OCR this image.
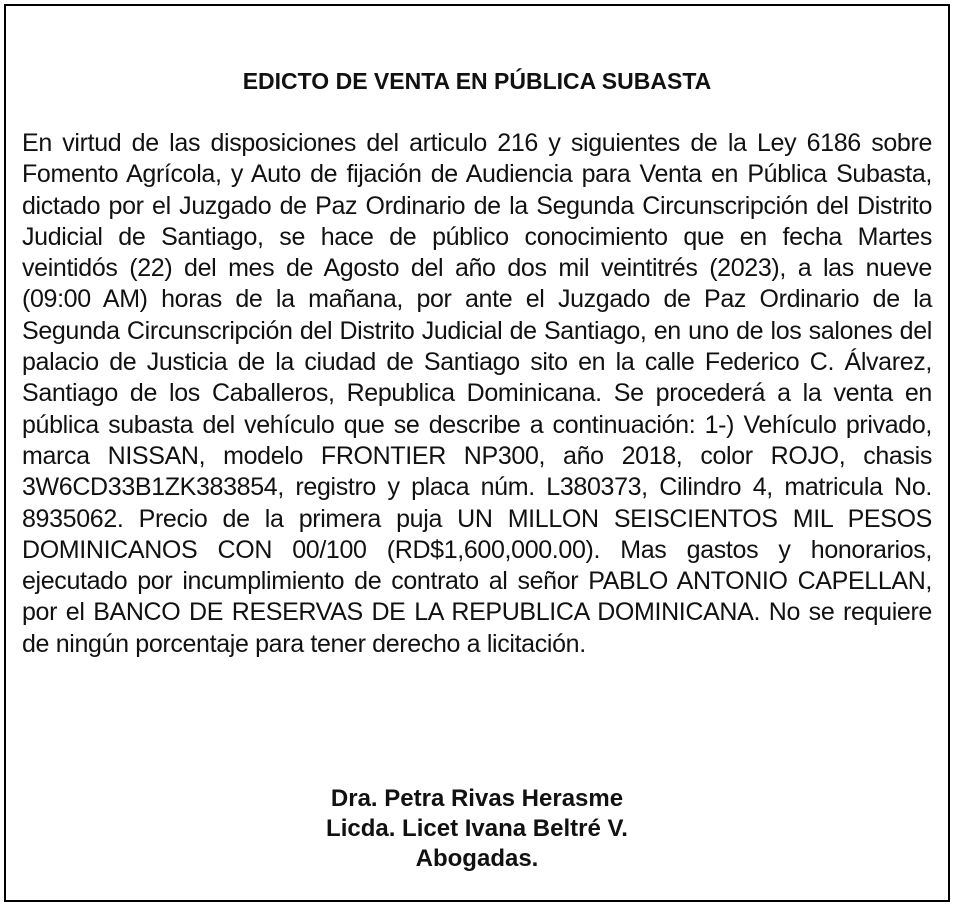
EDICTO DE VENTA EN PÚBLICA SUBASTA

En virtud de las disposiciones del articulo 216 y siguientes de la Ley 6186 sobre Fomento Agrícola, y Auto de fijación de Audiencia para Venta en Pública Subasta, dictado por el Juzgado de Paz Ordinario de la Segunda Circunscripción del Distrito Judicial de Santiago, se hace de público conocimiento que en fecha Martes veintidós (22) del mes de Agosto del año dos mil veintitrés (2023), a las nueve (09:00 AM) horas de la mañana, por ante el Juzgado de Paz Ordinario de la Segunda Circunscripción del Distrito Judicial de Santiago, en uno de los salones del palacio de Justicia de la ciudad de Santiago sito en la calle Federico C. Álvarez, Santiago de los Caballeros, Republica Dominicana. Se procederá a la venta en pública subasta del vehículo que se describe a continuación: 1-) Vehículo privado, marca NISSAN, modelo FRONTIER NP300, año 2018, color ROJO, chasis 3W6CD33B1ZK383854, registro y placa núm. L380373, Cilindro 4, matricula No. 8935062. Precio de la primera puja UN MILLON SEISCIENTOS MIL PESOS DOMINICANOS CON 00/100 (RD$1,600,000.00). Mas gastos y honorarios, ejecutado por incumplimiento de contrato al señor PABLO ANTONIO CAPELLAN, por el BANCO DE RESERVAS DE LA REPUBLICA DOMINICANA. No se requiere de ningún porcentaje para tener derecho a licitación.

Dra. Petra Rivas Herasme
Licda. Licet Ivana Beltré V.
Abogadas.
